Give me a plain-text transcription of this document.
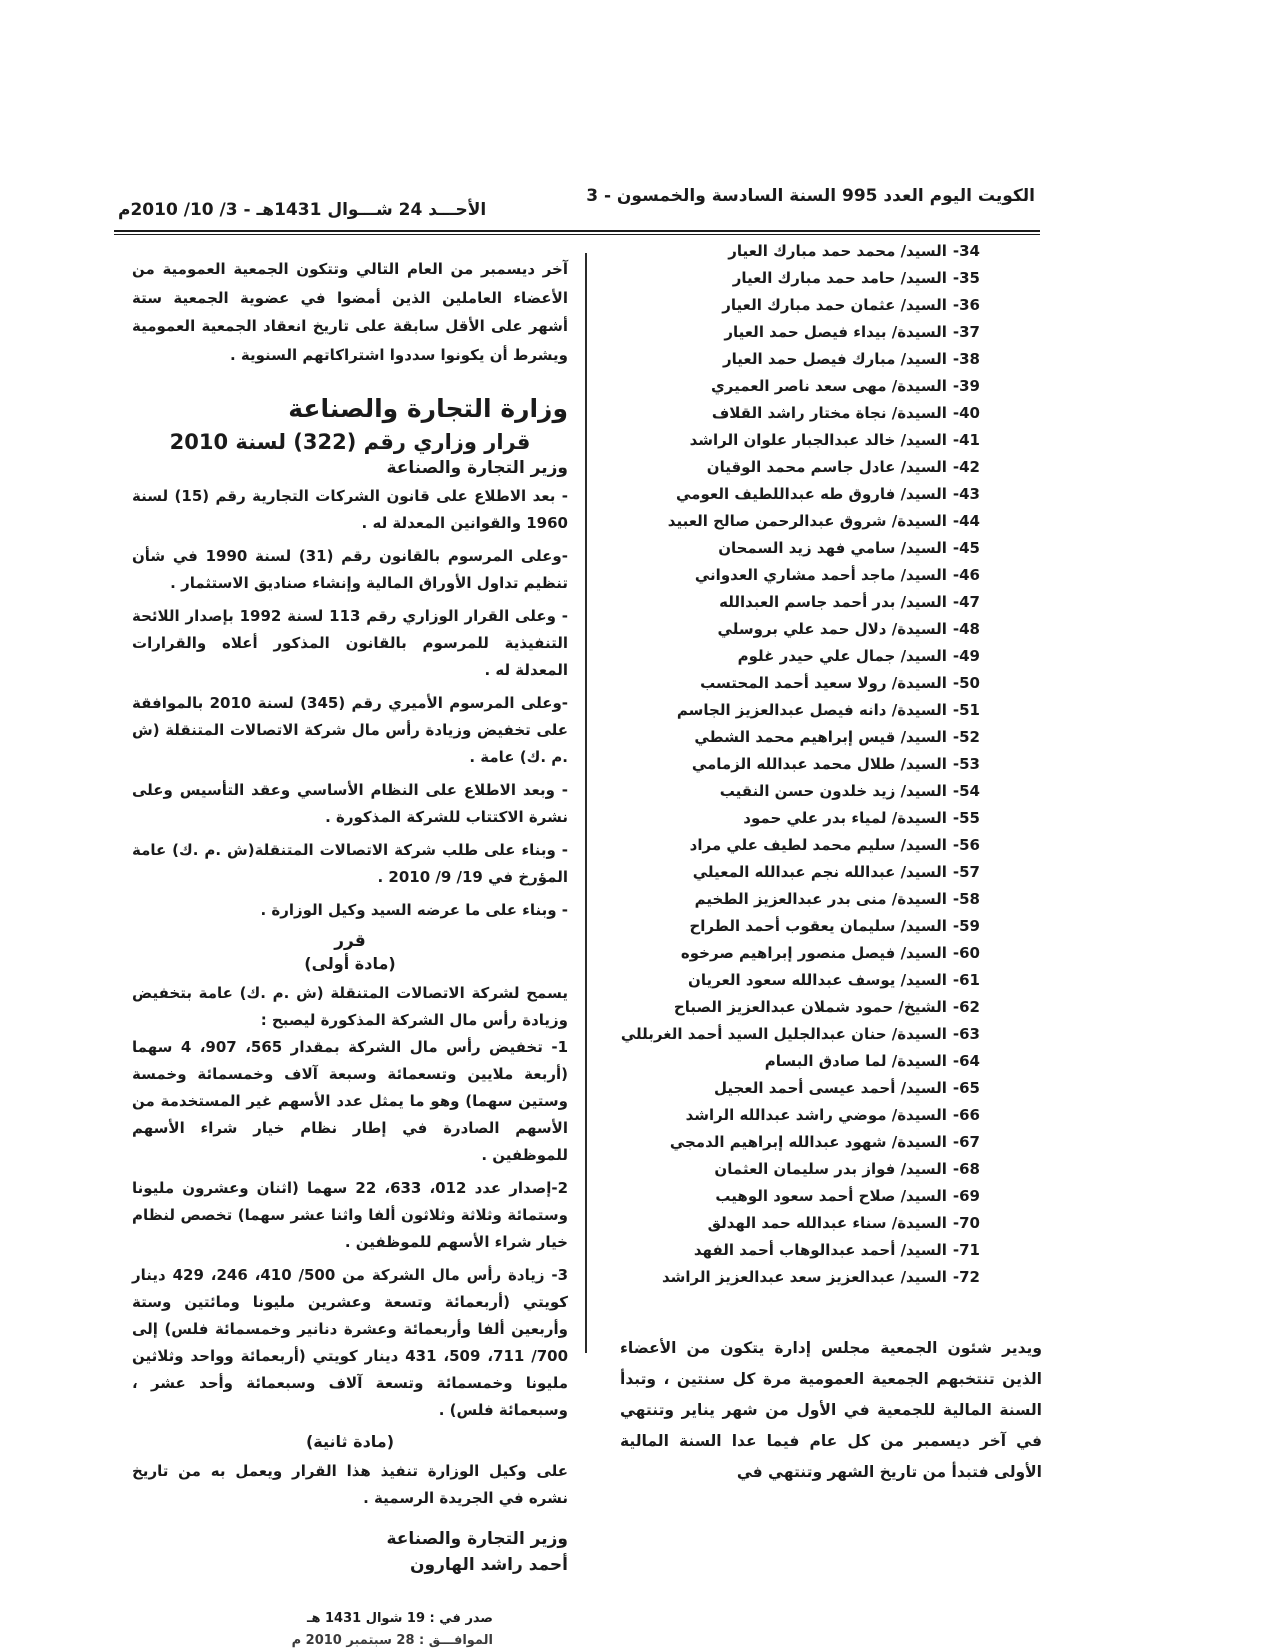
الكويت اليوم العدد 995 السنة السادسة والخمسون - 3
الأحـــد 24 شـــوال 1431هـ - 3/ 10/ 2010م
34-السيد/ محمد حمد مبارك العيار
35-السيد/ حامد حمد مبارك العيار
36-السيد/ عثمان حمد مبارك العيار
37-السيدة/ بيداء فيصل حمد العيار
38-السيد/ مبارك فيصل حمد العيار
39-السيدة/ مهى سعد ناصر العميري
40-السيدة/ نجاة مختار راشد القلاف
41-السيد/ خالد عبدالجبار علوان الراشد
42-السيد/ عادل جاسم محمد الوقيان
43-السيد/ فاروق طه عبداللطيف العومي
44-السيدة/ شروق عبدالرحمن صالح العبيد
45-السيد/ سامي فهد زيد السمحان
46-السيد/ ماجد أحمد مشاري العدواني
47-السيد/ بدر أحمد جاسم العبدالله
48-السيدة/ دلال حمد علي بروسلي
49-السيد/ جمال علي حيدر غلوم
50-السيدة/ رولا سعيد أحمد المحتسب
51-السيدة/ دانه فيصل عبدالعزيز الجاسم
52-السيد/ قيس إبراهيم محمد الشطي
53-السيد/ طلال محمد عبدالله الزمامي
54-السيد/ زيد خلدون حسن النقيب
55-السيدة/ لمياء بدر علي حمود
56-السيد/ سليم محمد لطيف علي مراد
57-السيد/ عبدالله نجم عبدالله المعيلي
58-السيدة/ منى بدر عبدالعزيز الطخيم
59-السيد/ سليمان يعقوب أحمد الطراح
60-السيد/ فيصل منصور إبراهيم صرخوه
61-السيد/ يوسف عبدالله سعود العريان
62-الشيخ/ حمود شملان عبدالعزيز الصباح
63-السيدة/ حنان عبدالجليل السيد أحمد الغربللي
64-السيدة/ لما صادق البسام
65-السيد/ أحمد عيسى أحمد العجيل
66-السيدة/ موضي راشد عبدالله الراشد
67-السيدة/ شهود عبدالله إبراهيم الدمجي
68-السيد/ فواز بدر سليمان العثمان
69-السيد/ صلاح أحمد سعود الوهيب
70-السيدة/ سناء عبدالله حمد الهدلق
71-السيد/ أحمد عبدالوهاب أحمد الفهد
72-السيد/ عبدالعزيز سعد عبدالعزيز الراشد
ويدير شئون الجمعية مجلس إدارة يتكون من الأعضاء الذين تنتخبهم الجمعية العمومية مرة كل سنتين ، وتبدأ السنة المالية للجمعية في الأول من شهر يناير وتنتهي في آخر ديسمبر من كل عام فيما عدا السنة المالية الأولى فتبدأ من تاريخ الشهر وتنتهي في

آخر ديسمبر من العام التالي وتتكون الجمعية العمومية من الأعضاء العاملين الذين أمضوا في عضوية الجمعية ستة أشهر على الأقل سابقة على تاريخ انعقاد الجمعية العمومية ويشرط أن يكونوا سددوا اشتراكاتهم السنوية .

وزارة التجارة والصناعة
قرار وزاري رقم (322) لسنة 2010
وزير التجارة والصناعة

- بعد الاطلاع على قانون الشركات التجارية رقم (15) لسنة 1960 والقوانين المعدلة له .

-وعلى المرسوم بالقانون رقم (31) لسنة 1990 في شأن تنظيم تداول الأوراق المالية وإنشاء صناديق الاستثمار .

- وعلى القرار الوزاري رقم 113 لسنة 1992 بإصدار اللائحة التنفيذية للمرسوم بالقانون المذكور أعلاه والقرارات المعدلة له .

-وعلى المرسوم الأميري رقم (345) لسنة 2010 بالموافقة على تخفيض وزيادة رأس مال شركة الاتصالات المتنقلة (ش .م .ك) عامة .

- وبعد الاطلاع على النظام الأساسي وعقد التأسيس وعلى نشرة الاكتتاب للشركة المذكورة .

- وبناء على طلب شركة الاتصالات المتنقلة(ش .م .ك) عامة المؤرخ في 19/ 9/ 2010 .

- وبناء على ما عرضه السيد وكيل الوزارة .

قرر
(مادة أولى)

يسمح لشركة الاتصالات المتنقلة (ش .م .ك) عامة بتخفيض وزيادة رأس مال الشركة المذكورة ليصبح :

1- تخفيض رأس مال الشركة بمقدار 565، 907، 4 سهما (أربعة ملايين وتسعمائة وسبعة آلاف وخمسمائة وخمسة وستين سهما) وهو ما يمثل عدد الأسهم غير المستخدمة من الأسهم الصادرة في إطار نظام خيار شراء الأسهم للموظفين .

2-إصدار عدد 012، 633، 22 سهما (اثنان وعشرون مليونا وستمائة وثلاثة وثلاثون ألفا واثنا عشر سهما) تخصص لنظام خيار شراء الأسهم للموظفين .

3- زيادة رأس مال الشركة من 500/ 410، 246، 429 دينار كويتي (أربعمائة وتسعة وعشرين مليونا ومائتين وستة وأربعين ألفا وأربعمائة وعشرة دنانير وخمسمائة فلس) إلى 700/ 711، 509، 431 دينار كويتي (أربعمائة وواحد وثلاثين مليونا وخمسمائة وتسعة آلاف وسبعمائة وأحد عشر ، وسبعمائة فلس) .

(مادة ثانية)

على وكيل الوزارة تنفيذ هذا القرار ويعمل به من تاريخ نشره في الجريدة الرسمية .

وزير التجارة والصناعة
أحمد راشد الهارون
صدر في : 19 شوال 1431 هـ
الموافـــق : 28 سبتمبر 2010 م
